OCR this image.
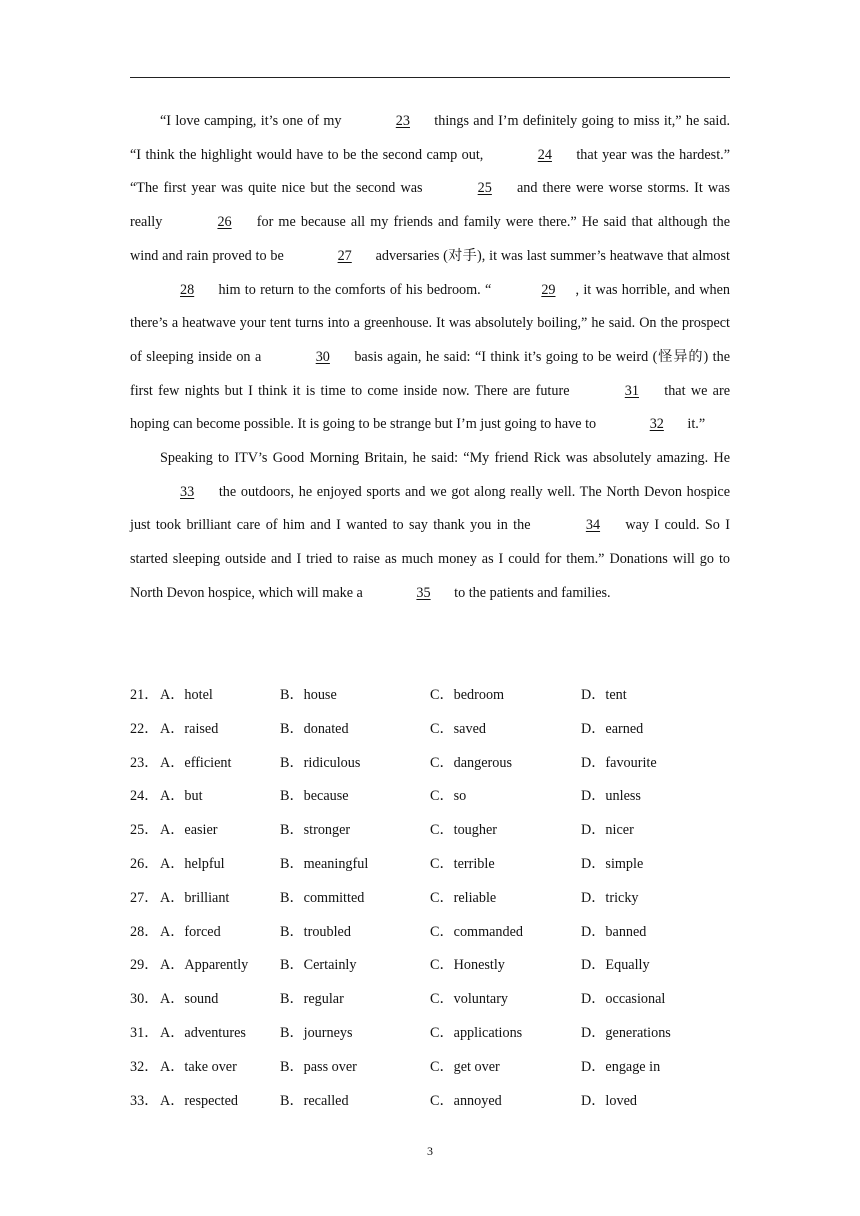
“I love camping, it’s one of my	23 things and I’m definitely going to miss it,” he said. “I think the highlight would have to be the second camp out,	24 that year was the hardest.” “The first year was quite nice but the second was	25 and there were worse storms. It was really	26 for me because all my friends and family were there.” He said that although the wind and rain proved to be	27 adversaries (对手), it was last summer’s heatwave that almost 28 him to return to the comforts of his bedroom. “	29 , it was horrible, and when there’s a heatwave your tent turns into a greenhouse. It was absolutely boiling,” he said. On the prospect of sleeping inside on a	30 basis again, he said: “I think it’s going to be weird (怪异的) the first few nights but I think it is time to come inside now. There are future	31 that we are hoping can become possible. It is going to be strange but I’m just going to have to	32 it.”

Speaking to ITV’s Good Morning Britain, he said: “My friend Rick was absolutely amazing. He 33 the outdoors, he enjoyed sports and we got along really well. The North Devon hospice just took brilliant care of him and I wanted to say thank you in the	34 way I could. So I started sleeping outside and I tried to raise as much money as I could for them.” Donations will go to North Devon hospice, which will make a	35 to the patients and families.

21． A．hotel	B．house	C．bedroom	D．tent
22． A．raised	B．donated	C．saved	D．earned
23． A．efficient	B．ridiculous	C．dangerous	D．favourite
24． A．but	B．because	C．so	D．unless
25． A．easier	B．stronger	C．tougher	D．nicer
26． A．helpful	B．meaningful	C．terrible	D．simple
27． A．brilliant	B．committed	C．reliable	D．tricky
28． A．forced	B．troubled	C．commanded	D．banned
29． A．Apparently B．Certainly	C．Honestly	D．Equally
30． A．sound	B．regular	C．voluntary	D．occasional
31． A．adventures B．journeys	C．applications	D．generations
32． A．take over	B．pass over	C．get over	D．engage in
33． A．respected	B．recalled	C．annoyed	D．loved
3
